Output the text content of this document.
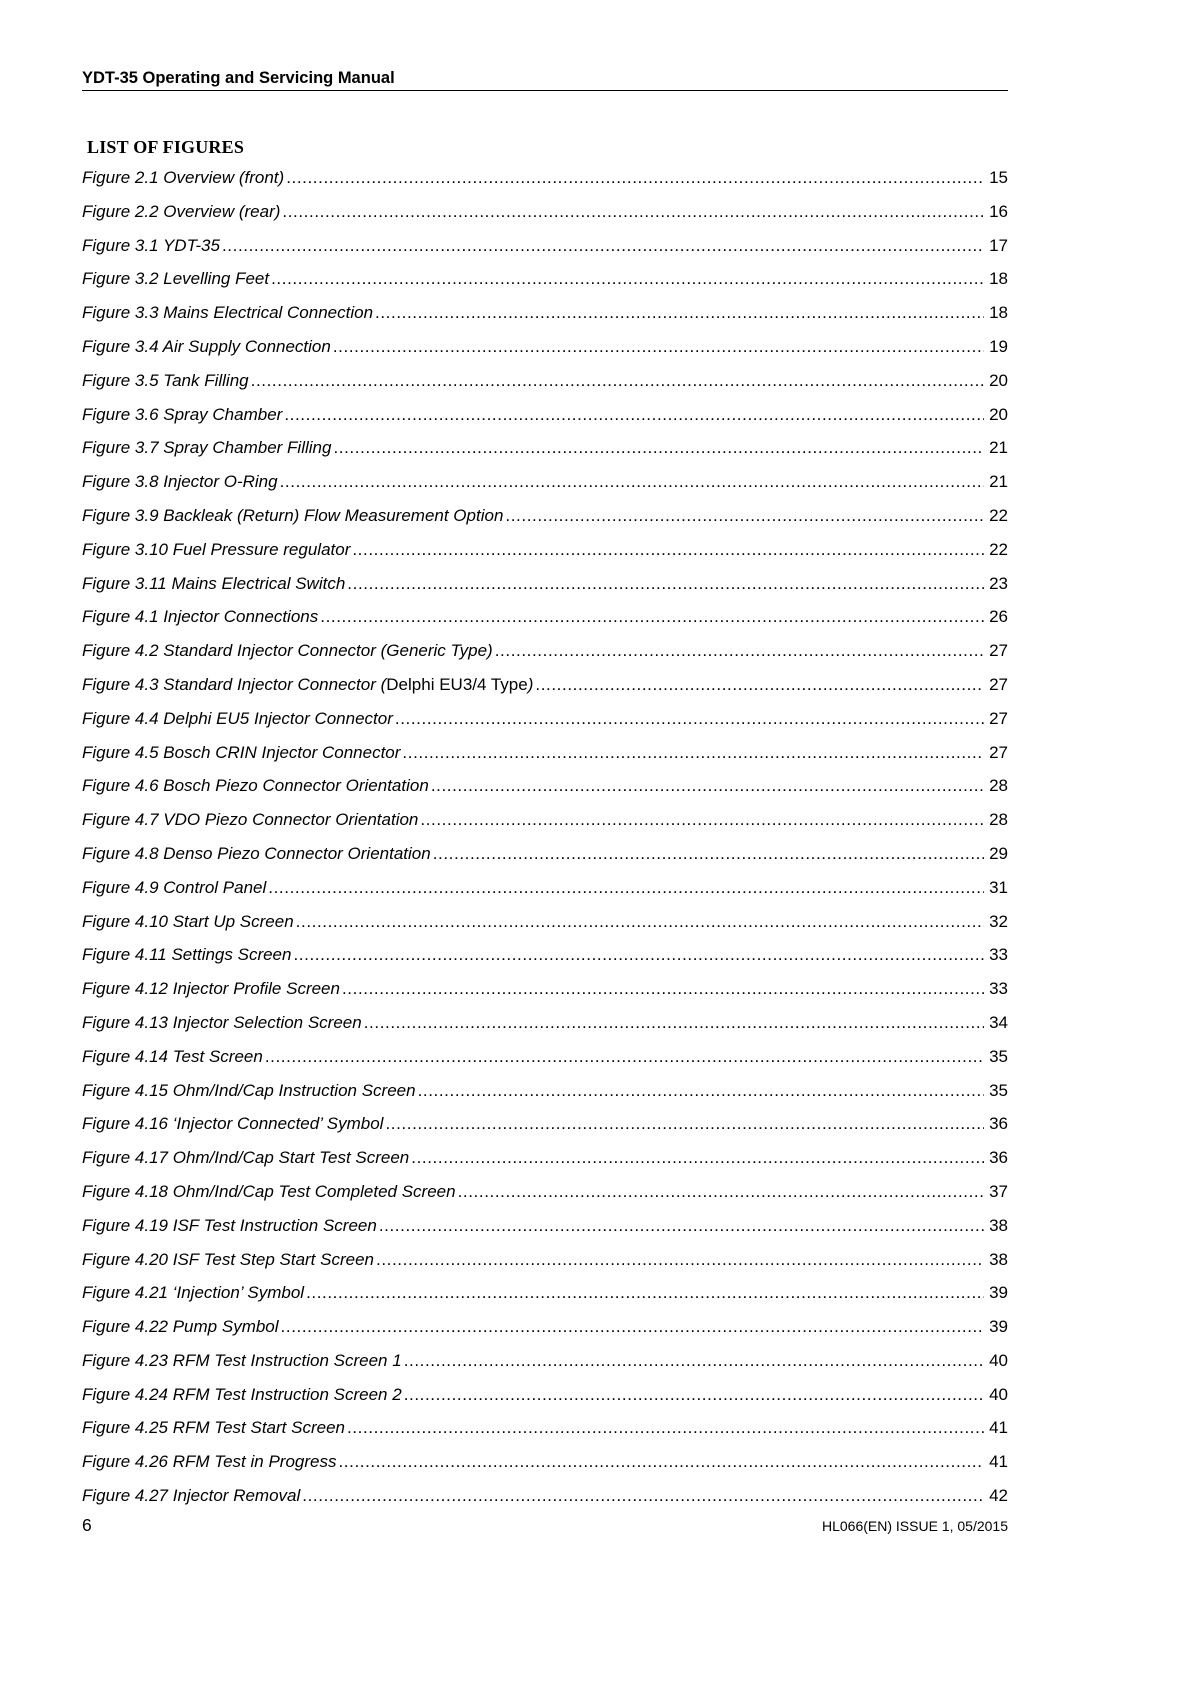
YDT-35 Operating and Servicing Manual
LIST OF FIGURES
Figure 2.1 Overview (front) .....	15
Figure 2.2 Overview (rear) .....	16
Figure 3.1 YDT-35 .....	17
Figure 3.2 Levelling Feet .....	18
Figure 3.3 Mains Electrical Connection .....	18
Figure 3.4 Air Supply Connection .....	19
Figure 3.5 Tank Filling .....	20
Figure 3.6 Spray Chamber .....	20
Figure 3.7 Spray Chamber Filling .....	21
Figure 3.8 Injector O-Ring .....	21
Figure 3.9 Backleak (Return) Flow Measurement Option .....	22
Figure 3.10 Fuel Pressure regulator .....	22
Figure 3.11 Mains Electrical Switch .....	23
Figure 4.1 Injector Connections .....	26
Figure 4.2 Standard Injector Connector (Generic Type) .....	27
Figure 4.3 Standard Injector Connector (Delphi EU3/4 Type) .....	27
Figure 4.4 Delphi EU5 Injector Connector .....	27
Figure 4.5 Bosch CRIN Injector Connector .....	27
Figure 4.6 Bosch Piezo Connector Orientation .....	28
Figure 4.7 VDO Piezo Connector Orientation .....	28
Figure 4.8 Denso Piezo Connector Orientation .....	29
Figure 4.9 Control Panel .....	31
Figure 4.10 Start Up Screen .....	32
Figure 4.11 Settings Screen .....	33
Figure 4.12 Injector Profile Screen .....	33
Figure 4.13 Injector Selection Screen .....	34
Figure 4.14 Test Screen .....	35
Figure 4.15 Ohm/Ind/Cap Instruction Screen .....	35
Figure 4.16 ‘Injector Connected’ Symbol .....	36
Figure 4.17 Ohm/Ind/Cap Start Test Screen .....	36
Figure 4.18 Ohm/Ind/Cap Test Completed Screen .....	37
Figure 4.19 ISF Test Instruction Screen .....	38
Figure 4.20 ISF Test Step Start Screen .....	38
Figure 4.21 ‘Injection’ Symbol .....	39
Figure 4.22 Pump Symbol .....	39
Figure 4.23 RFM Test Instruction Screen 1 .....	40
Figure 4.24 RFM Test Instruction Screen 2 .....	40
Figure 4.25 RFM Test Start Screen .....	41
Figure 4.26 RFM Test in Progress .....	41
Figure 4.27 Injector Removal .....	42
6	HL066(EN) ISSUE 1, 05/2015
